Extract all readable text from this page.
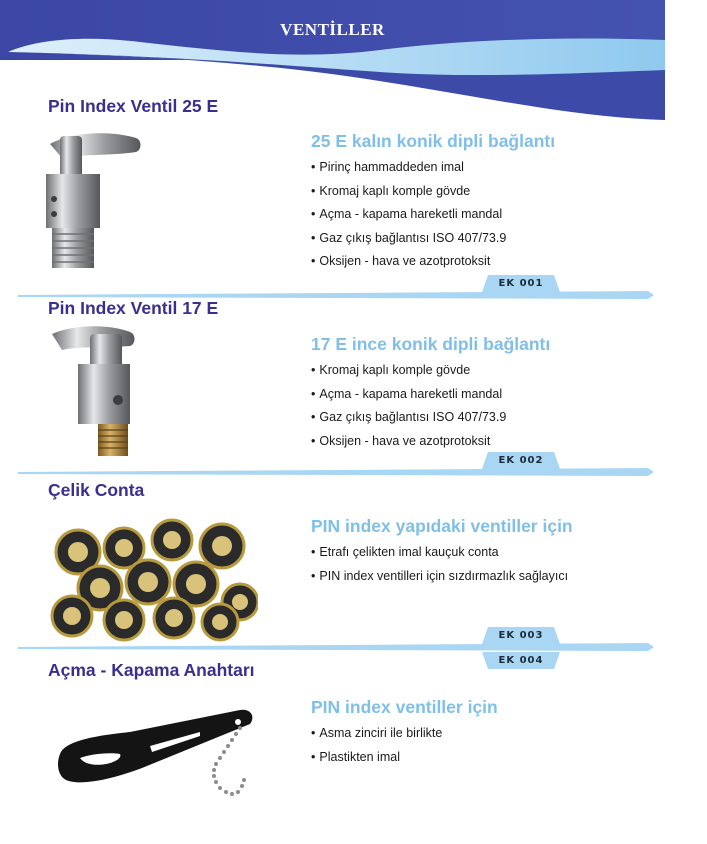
VENTİLLER
Pin Index Ventil 25 E
25 E kalın konik dipli bağlantı
• Pirinç hammaddeden imal
• Kromaj kaplı komple gövde
• Açma - kapama hareketli mandal
• Gaz çıkış bağlantısı ISO 407/73.9
• Oksijen - hava ve azotprotoksit
EK 001
Pin Index Ventil 17 E
17 E ince konik dipli bağlantı
• Kromaj kaplı komple gövde
• Açma - kapama hareketli mandal
• Gaz çıkış bağlantısı ISO 407/73.9
• Oksijen - hava ve azotprotoksit
EK 002
Çelik Conta
PIN index yapıdaki ventiller için
• Etrafı çelikten imal kauçuk conta
• PIN index ventilleri için sızdırmazlık sağlayıcı
EK 003
EK 004
Açma - Kapama Anahtarı
PIN index ventiller için
• Asma zinciri ile birlikte
• Plastikten imal
